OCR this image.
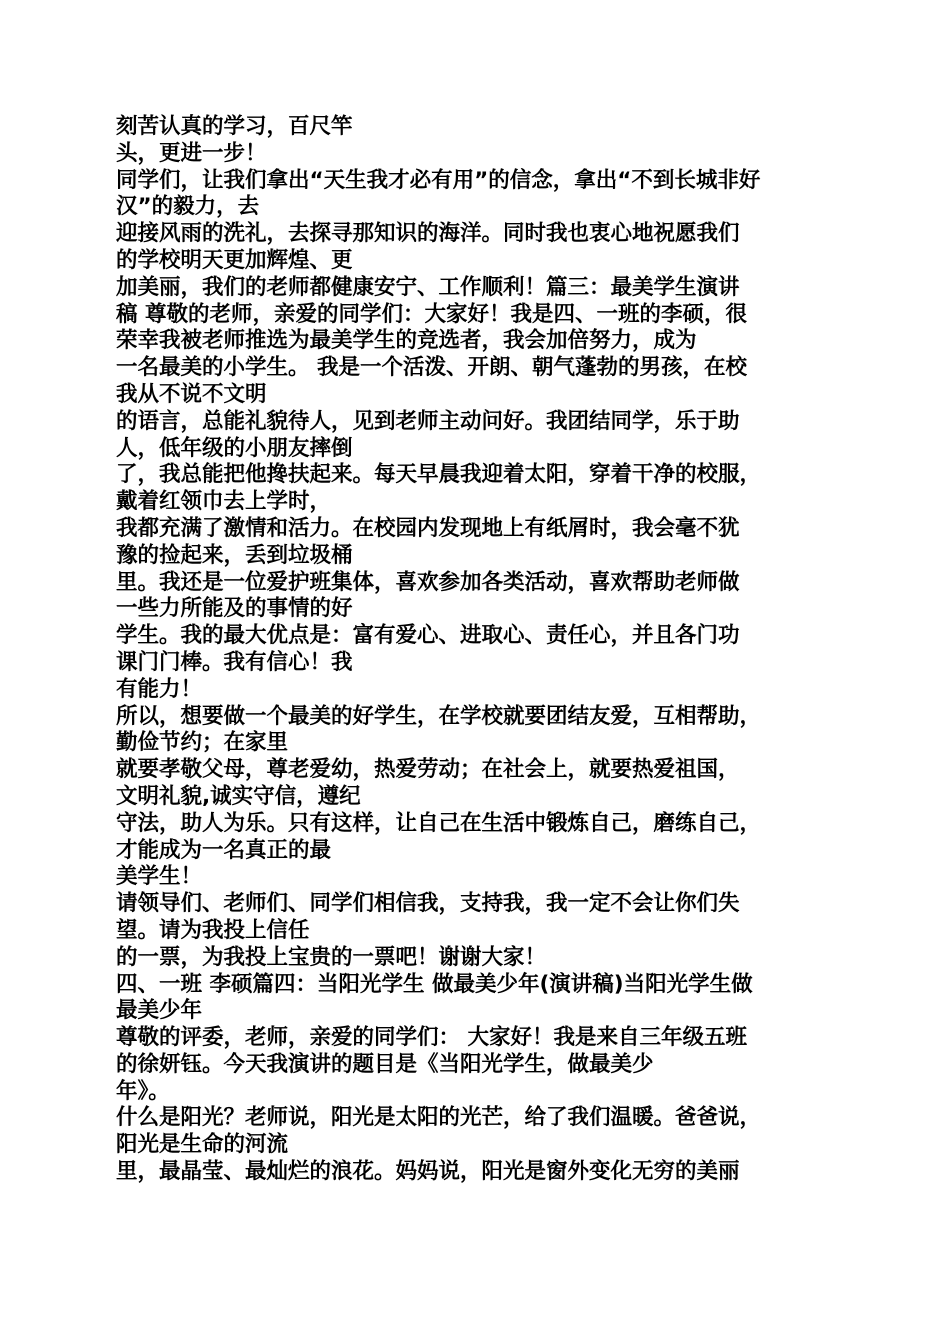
刻苦认真的学习，百尺竿
头，更进一步！
同学们，让我们拿出“天生我才必有用”的信念，拿出“不到长城非好
汉”的毅力，去
迎接风雨的洗礼，去探寻那知识的海洋。同时我也衷心地祝愿我们
的学校明天更加辉煌、更
加美丽，我们的老师都健康安宁、工作顺利！篇三：最美学生演讲
稿 尊敬的老师，亲爱的同学们：大家好！我是四、一班的李硕，很
荣幸我被老师推选为最美学生的竞选者，我会加倍努力，成为
一名最美的小学生。 我是一个活泼、开朗、朝气蓬勃的男孩，在校
我从不说不文明
的语言，总能礼貌待人，见到老师主动问好。我团结同学，乐于助
人，低年级的小朋友摔倒
了，我总能把他搀扶起来。每天早晨我迎着太阳，穿着干净的校服，
戴着红领巾去上学时，
我都充满了激情和活力。在校园内发现地上有纸屑时，我会毫不犹
豫的捡起来，丢到垃圾桶
里。我还是一位爱护班集体，喜欢参加各类活动，喜欢帮助老师做
一些力所能及的事情的好
学生。我的最大优点是：富有爱心、进取心、责任心，并且各门功
课门门棒。我有信心！我
有能力！
所以，想要做一个最美的好学生，在学校就要团结友爱，互相帮助，
勤俭节约；在家里
就要孝敬父母，尊老爱幼，热爱劳动；在社会上，就要热爱祖国，
文明礼貌,诚实守信，遵纪
守法，助人为乐。只有这样，让自己在生活中锻炼自己，磨练自己，
才能成为一名真正的最
美学生！
请领导们、老师们、同学们相信我，支持我，我一定不会让你们失
望。请为我投上信任
的一票，为我投上宝贵的一票吧！谢谢大家！
四、一班 李硕篇四：当阳光学生 做最美少年(演讲稿)当阳光学生做
最美少年
尊敬的评委，老师，亲爱的同学们： 大家好！我是来自三年级五班
的徐妍钰。今天我演讲的题目是《当阳光学生，做最美少
年》。
什么是阳光？老师说，阳光是太阳的光芒，给了我们温暖。爸爸说，
阳光是生命的河流
里，最晶莹、最灿烂的浪花。妈妈说，阳光是窗外变化无穷的美丽
